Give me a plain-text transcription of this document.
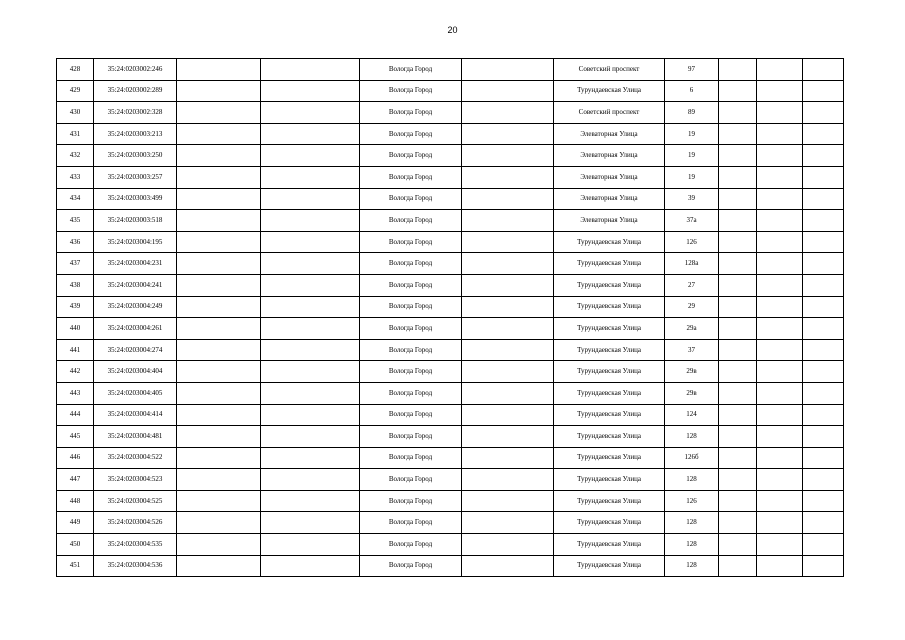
20
428	35:24:0203002:246			Вологда Город		Советский проспект	97			
429	35:24:0203002:289			Вологда Город		Турундаевская Улица	6			
430	35:24:0203002:328			Вологда Город		Советский проспект	89			
431	35:24:0203003:213			Вологда Город		Элеваторная Улица	19			
432	35:24:0203003:250			Вологда Город		Элеваторная Улица	19			
433	35:24:0203003:257			Вологда Город		Элеваторная Улица	19			
434	35:24:0203003:499			Вологда Город		Элеваторная Улица	39			
435	35:24:0203003:518			Вологда Город		Элеваторная Улица	37а			
436	35:24:0203004:195			Вологда Город		Турундаевская Улица	126			
437	35:24:0203004:231			Вологда Город		Турундаевская Улица	128а			
438	35:24:0203004:241			Вологда Город		Турундаевская Улица	27			
439	35:24:0203004:249			Вологда Город		Турундаевская Улица	29			
440	35:24:0203004:261			Вологда Город		Турундаевская Улица	29а			
441	35:24:0203004:274			Вологда Город		Турундаевская Улица	37			
442	35:24:0203004:404			Вологда Город		Турундаевская Улица	29в			
443	35:24:0203004:405			Вологда Город		Турундаевская Улица	29в			
444	35:24:0203004:414			Вологда Город		Турундаевская Улица	124			
445	35:24:0203004:481			Вологда Город		Турундаевская Улица	128			
446	35:24:0203004:522			Вологда Город		Турундаевская Улица	126б			
447	35:24:0203004:523			Вологда Город		Турундаевская Улица	128			
448	35:24:0203004:525			Вологда Город		Турундаевская Улица	126			
449	35:24:0203004:526			Вологда Город		Турундаевская Улица	128			
450	35:24:0203004:535			Вологда Город		Турундаевская Улица	128			
451	35:24:0203004:536			Вологда Город		Турундаевская Улица	128			
